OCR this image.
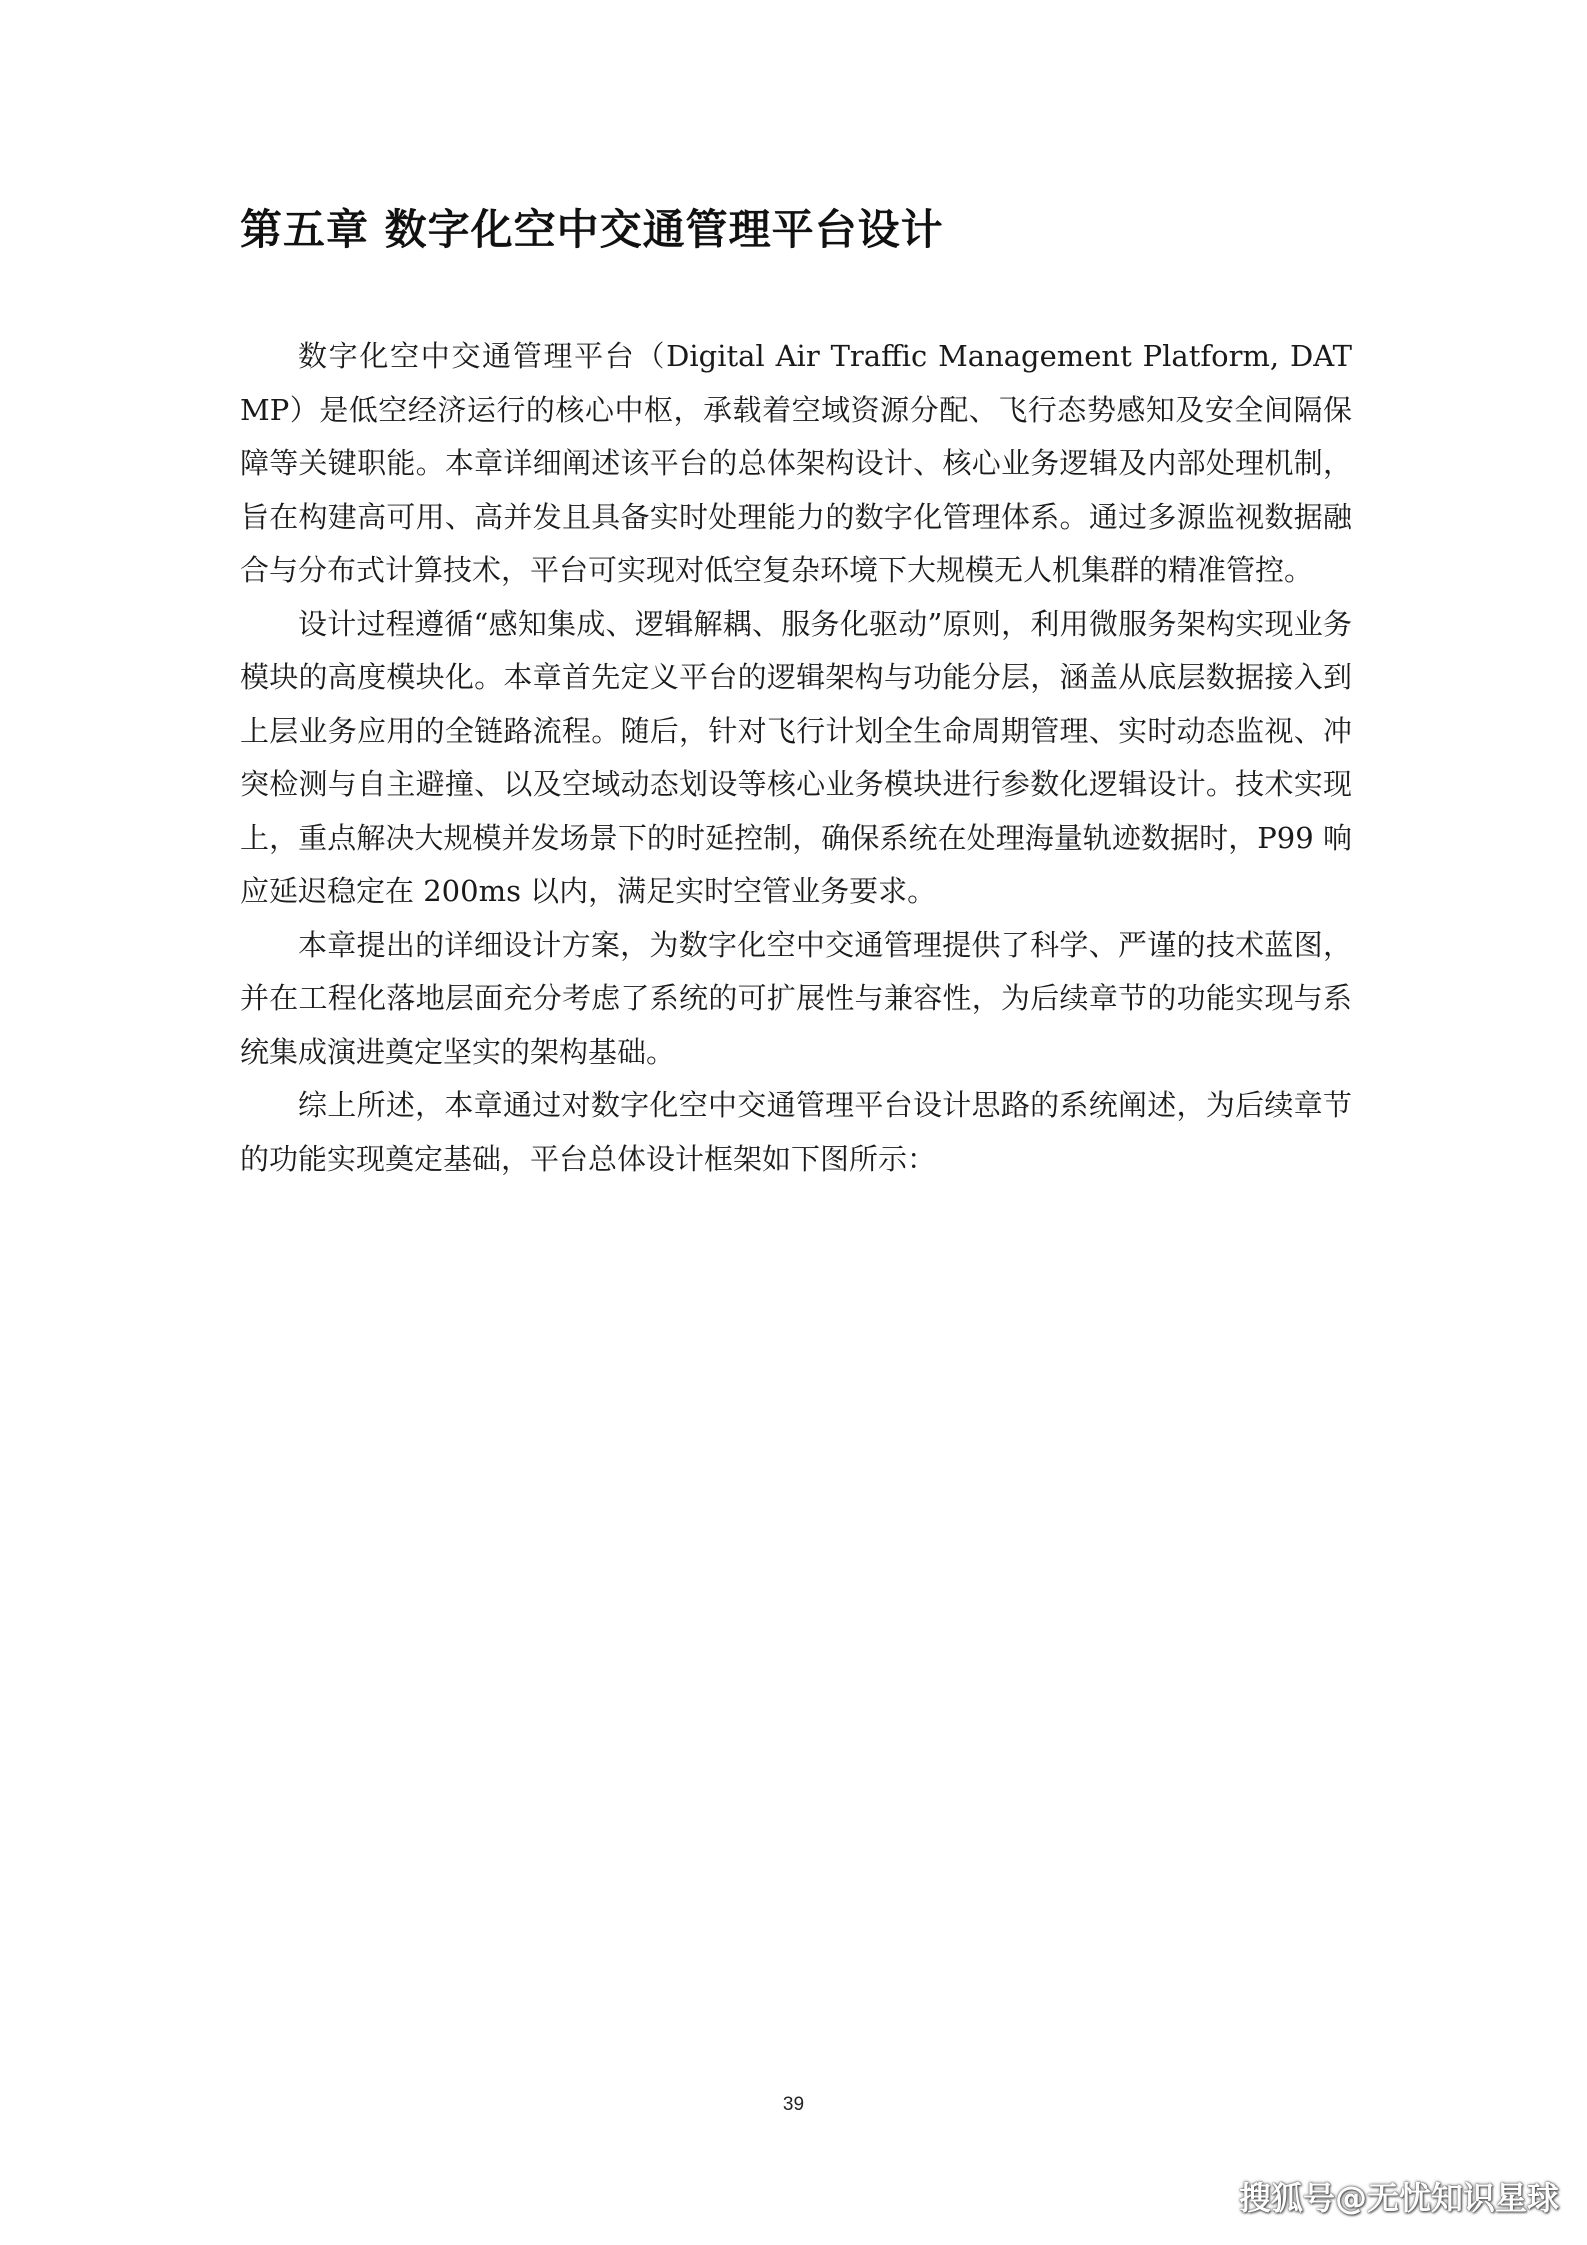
第五章 数字化空中交通管理平台设计

数字化空中交通管理平台（Digital Air Traffic Management Platform, DATMP）是低空经济运行的核心中枢，承载着空域资源分配、飞行态势感知及安全间隔保障等关键职能。本章详细阐述该平台的总体架构设计、核心业务逻辑及内部处理机制，旨在构建高可用、高并发且具备实时处理能力的数字化管理体系。通过多源监视数据融合与分布式计算技术，平台可实现对低空复杂环境下大规模无人机集群的精准管控。

设计过程遵循“感知集成、逻辑解耦、服务化驱动”原则，利用微服务架构实现业务模块的高度模块化。本章首先定义平台的逻辑架构与功能分层，涵盖从底层数据接入到上层业务应用的全链路流程。随后，针对飞行计划全生命周期管理、实时动态监视、冲突检测与自主避撞、以及空域动态划设等核心业务模块进行参数化逻辑设计。技术实现上，重点解决大规模并发场景下的时延控制，确保系统在处理海量轨迹数据时，P99 响应延迟稳定在 200ms 以内，满足实时空管业务要求。

本章提出的详细设计方案，为数字化空中交通管理提供了科学、严谨的技术蓝图，并在工程化落地层面充分考虑了系统的可扩展性与兼容性，为后续章节的功能实现与系统集成演进奠定坚实的架构基础。

综上所述，本章通过对数字化空中交通管理平台设计思路的系统阐述，为后续章节的功能实现奠定基础，平台总体设计框架如下图所示：

39
搜狐号@无忧知识星球
